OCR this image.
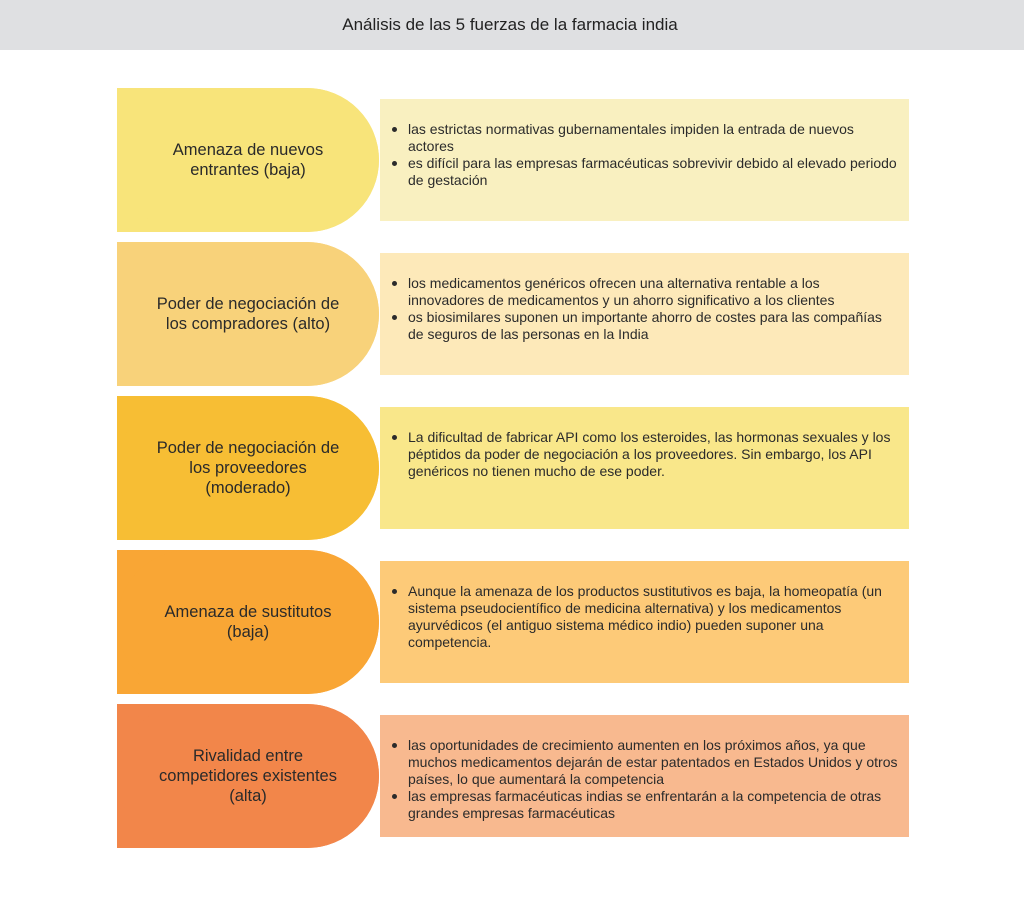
Análisis de las 5 fuerzas de la farmacia india
Amenaza de nuevos entrantes (baja)
las estrictas normativas gubernamentales impiden la entrada de nuevos actores
es difícil para las empresas farmacéuticas sobrevivir debido al elevado periodo de gestación
Poder de negociación de los compradores (alto)
los medicamentos genéricos ofrecen una alternativa rentable a los innovadores de medicamentos y un ahorro significativo a los clientes
os biosimilares suponen un importante ahorro de costes para las compañías de seguros de las personas en la India
Poder de negociación de los proveedores (moderado)
La dificultad de fabricar API como los esteroides, las hormonas sexuales y los péptidos da poder de negociación a los proveedores. Sin embargo, los API genéricos no tienen mucho de ese poder.
Amenaza de sustitutos (baja)
Aunque la amenaza de los productos sustitutivos es baja, la homeopatía (un sistema pseudocientífico de medicina alternativa) y los medicamentos ayurvédicos (el antiguo sistema médico indio) pueden suponer una competencia.
Rivalidad entre competidores existentes (alta)
las oportunidades de crecimiento aumenten en los próximos años, ya que muchos medicamentos dejarán de estar patentados en Estados Unidos y otros países, lo que aumentará la competencia
las empresas farmacéuticas indias se enfrentarán a la competencia de otras grandes empresas farmacéuticas
